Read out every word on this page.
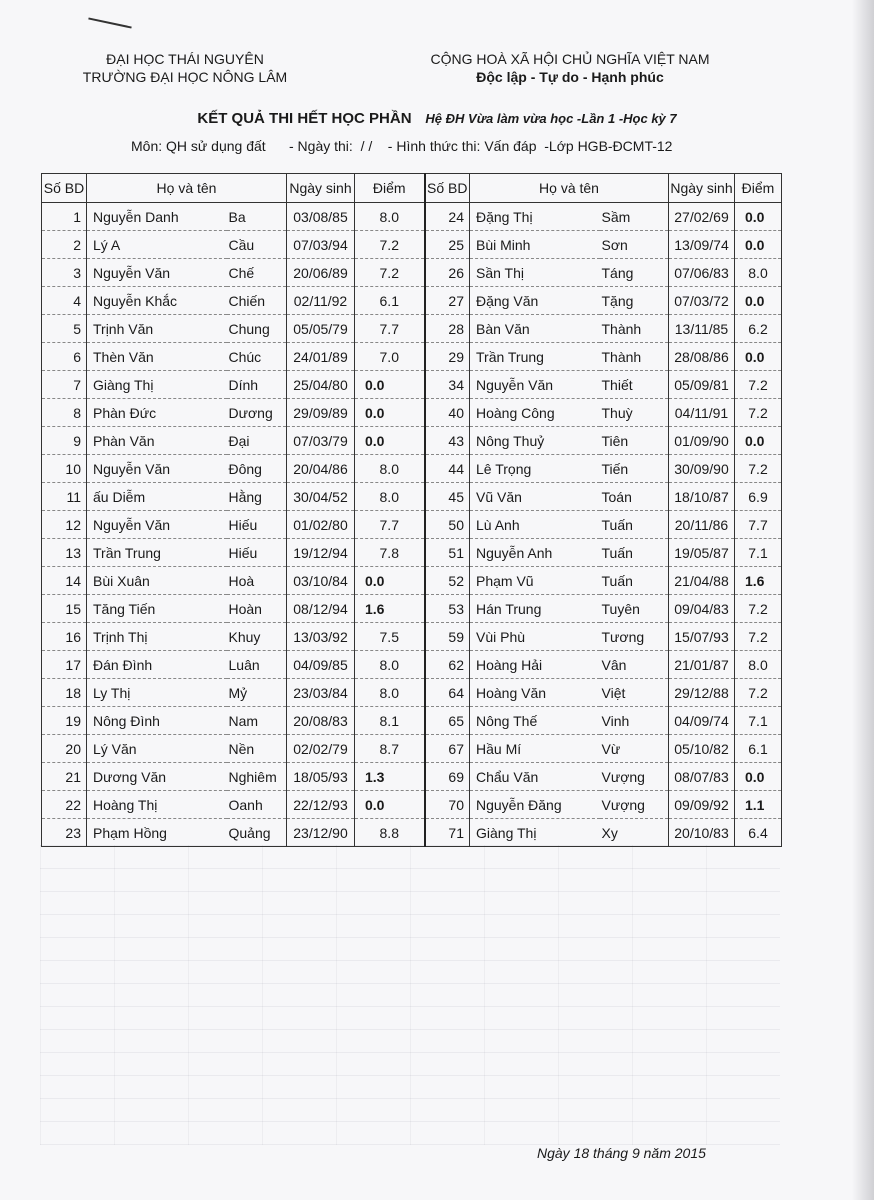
ĐẠI HỌC THÁI NGUYÊN
TRƯỜNG ĐẠI HỌC NÔNG LÂM
CỘNG HOÀ XÃ HỘI CHỦ NGHĨA VIỆT NAM
Độc lập - Tự do - Hạnh phúc
KẾT QUẢ THI HẾT HỌC PHẦN Hệ ĐH Vừa làm vừa học -Lần 1 -Học kỳ 7
Môn: QH sử dụng đất      - Ngày thi:  / /    - Hình thức thi: Vấn đáp  -Lớp HGB-ĐCMT-12
Số BD	Họ và tên		Ngày sinh	Điểm	Số BD	Họ và tên		Ngày sinh	Điểm
1	Nguyễn Danh	Ba	03/08/85	8.0	24	Đặng Thị	Sầm	27/02/69	0.0
2	Lý A	Cầu	07/03/94	7.2	25	Bùi Minh	Sơn	13/09/74	0.0
3	Nguyễn Văn	Chế	20/06/89	7.2	26	Sần Thị	Táng	07/06/83	8.0
4	Nguyễn Khắc	Chiến	02/11/92	6.1	27	Đặng Văn	Tặng	07/03/72	0.0
5	Trịnh Văn	Chung	05/05/79	7.7	28	Bàn Văn	Thành	13/11/85	6.2
6	Thèn Văn	Chúc	24/01/89	7.0	29	Trần Trung	Thành	28/08/86	0.0
7	Giàng Thị	Dính	25/04/80	0.0	34	Nguyễn Văn	Thiết	05/09/81	7.2
8	Phàn Đức	Dương	29/09/89	0.0	40	Hoàng Công	Thuỳ	04/11/91	7.2
9	Phàn Văn	Đại	07/03/79	0.0	43	Nông Thuỷ	Tiên	01/09/90	0.0
10	Nguyễn Văn	Đông	20/04/86	8.0	44	Lê Trọng	Tiến	30/09/90	7.2
11	ấu Diễm	Hằng	30/04/52	8.0	45	Vũ Văn	Toán	18/10/87	6.9
12	Nguyễn Văn	Hiếu	01/02/80	7.7	50	Lù Anh	Tuấn	20/11/86	7.7
13	Trần Trung	Hiếu	19/12/94	7.8	51	Nguyễn Anh	Tuấn	19/05/87	7.1
14	Bùi Xuân	Hoà	03/10/84	0.0	52	Phạm Vũ	Tuấn	21/04/88	1.6
15	Tăng Tiến	Hoàn	08/12/94	1.6	53	Hán Trung	Tuyên	09/04/83	7.2
16	Trịnh Thị	Khuy	13/03/92	7.5	59	Vùi Phù	Tương	15/07/93	7.2
17	Đán Đình	Luân	04/09/85	8.0	62	Hoàng Hải	Vân	21/01/87	8.0
18	Ly Thị	Mỷ	23/03/84	8.0	64	Hoàng Văn	Việt	29/12/88	7.2
19	Nông Đình	Nam	20/08/83	8.1	65	Nông Thế	Vinh	04/09/74	7.1
20	Lý Văn	Nền	02/02/79	8.7	67	Hầu Mí	Vừ	05/10/82	6.1
21	Dương Văn	Nghiêm	18/05/93	1.3	69	Chẩu Văn	Vượng	08/07/83	0.0
22	Hoàng Thị	Oanh	22/12/93	0.0	70	Nguyễn Đăng	Vượng	09/09/92	1.1
23	Phạm Hồng	Quảng	23/12/90	8.8	71	Giàng Thị	Xy	20/10/83	6.4
Ngày 18 tháng 9 năm 2015
